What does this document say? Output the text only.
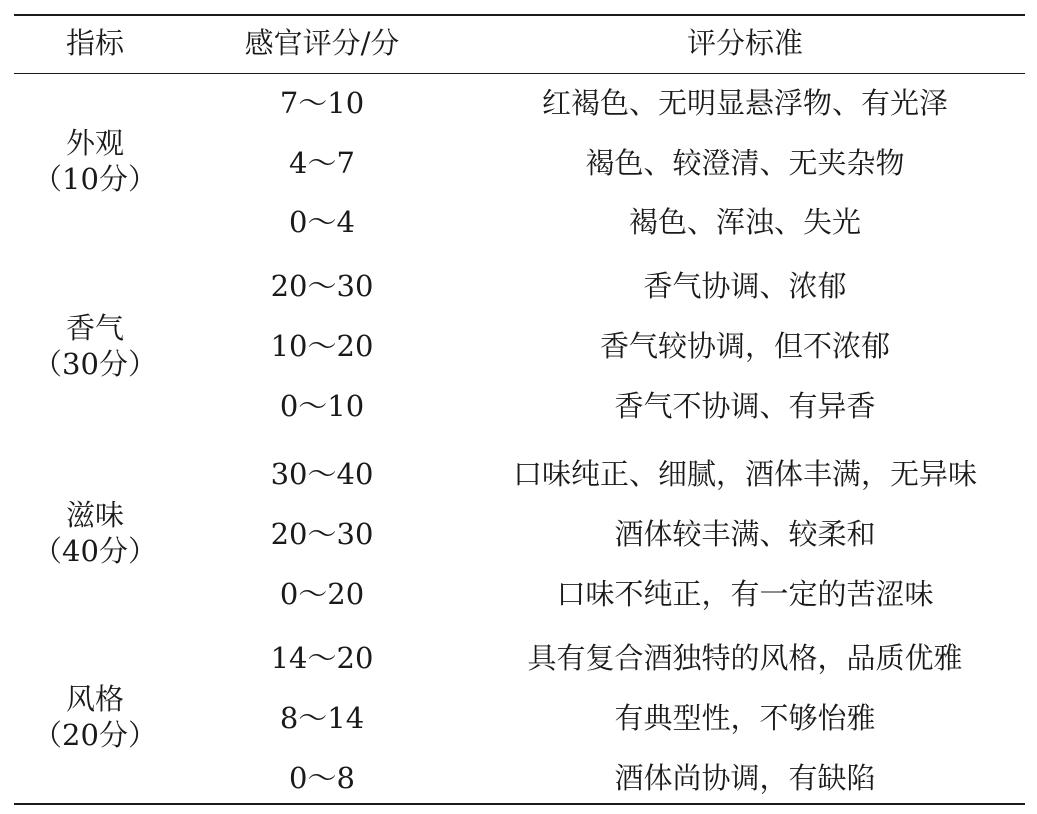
指标	感官评分/分	评分标准
外观
（10分）
7～10	红褐色、无明显悬浮物、有光泽
4～7	褐色、较澄清、无夹杂物
0～4	褐色、浑浊、失光
香气
（30分）
20～30	香气协调、浓郁
10～20	香气较协调，但不浓郁
0～10	香气不协调、有异香
滋味
（40分）
30～40	口味纯正、细腻，酒体丰满，无异味
20～30	酒体较丰满、较柔和
0～20	口味不纯正，有一定的苦涩味
风格
（20分）
14～20	具有复合酒独特的风格，品质优雅
8～14	有典型性，不够怡雅
0～8	酒体尚协调，有缺陷
